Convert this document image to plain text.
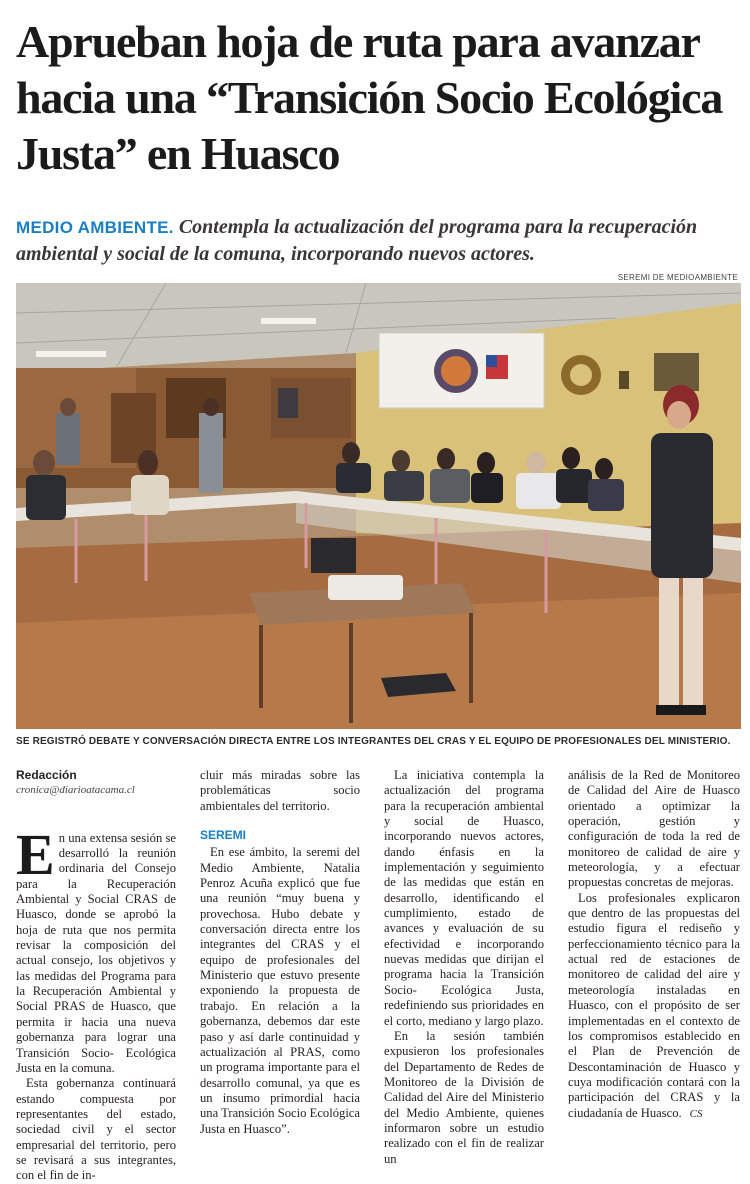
Aprueban hoja de ruta para avanzar hacia una “Transición Socio Ecológica Justa” en Huasco

MEDIO AMBIENTE. Contempla la actualización del programa para la recuperación ambiental y social de la comuna, incorporando nuevos actores.

SEREMI DE MEDIOAMBIENTE
SE REGISTRÓ DEBATE Y CONVERSACIÓN DIRECTA ENTRE LOS INTEGRANTES DEL CRAS Y EL EQUIPO DE PROFESIONALES DEL MINISTERIO.
Redacción
cronica@diarioatacama.cl

En una extensa sesión se desarrolló la reunión ordinaria del Consejo para la Recuperación Ambiental y Social CRAS de Huasco, donde se aprobó la hoja de ruta que nos permita revisar la composición del actual consejo, los objetivos y las medidas del Programa para la Recuperación Ambiental y Social PRAS de Huasco, que permita ir hacia una nueva gobernanza para lograr una Transición Socio- Ecológica Justa en la comuna.

Esta gobernanza continuará estando compuesta por representantes del estado, sociedad civil y el sector empresarial del territorio, pero se revisará a sus integrantes, con el fin de in-

cluir más miradas sobre las problemáticas socio ambientales del territorio.

SEREMI

En ese ámbito, la seremi del Medio Ambiente, Natalia Penroz Acuña explicó que fue una reunión “muy buena y provechosa. Hubo debate y conversación directa entre los integrantes del CRAS y el equipo de profesionales del Ministerio que estuvo presente exponiendo la propuesta de trabajo. En relación a la gobernanza, debemos dar este paso y así darle continuidad y actualización al PRAS, como un programa importante para el desarrollo comunal, ya que es un insumo primordial hacia una Transición Socio Ecológica Justa en Huasco”.

La iniciativa contempla la actualización del programa para la recuperación ambiental y social de Huasco, incorporando nuevos actores, dando énfasis en la implementación y seguimiento de las medidas que están en desarrollo, identificando el cumplimiento, estado de avances y evaluación de su efectividad e incorporando nuevas medidas que dirijan el programa hacia la Transición Socio- Ecológica Justa, redefiniendo sus prioridades en el corto, mediano y largo plazo.

En la sesión también expusieron los profesionales del Departamento de Redes de Monitoreo de la División de Calidad del Aire del Ministerio del Medio Ambiente, quienes informaron sobre un estudio realizado con el fin de realizar un

análisis de la Red de Monitoreo de Calidad del Aire de Huasco orientado a optimizar la operación, gestión y configuración de toda la red de monitoreo de calidad de aire y meteorología, y a efectuar propuestas concretas de mejoras.

Los profesionales explicaron que dentro de las propuestas del estudio figura el rediseño y perfeccionamiento técnico para la actual red de estaciones de monitoreo de calidad del aire y meteorología instaladas en Huasco, con el propósito de ser implementadas en el contexto de los compromisos establecido en el Plan de Prevención de Descontaminación de Huasco y cuya modificación contará con la participación del CRAS y la ciudadanía de Huasco. CS
